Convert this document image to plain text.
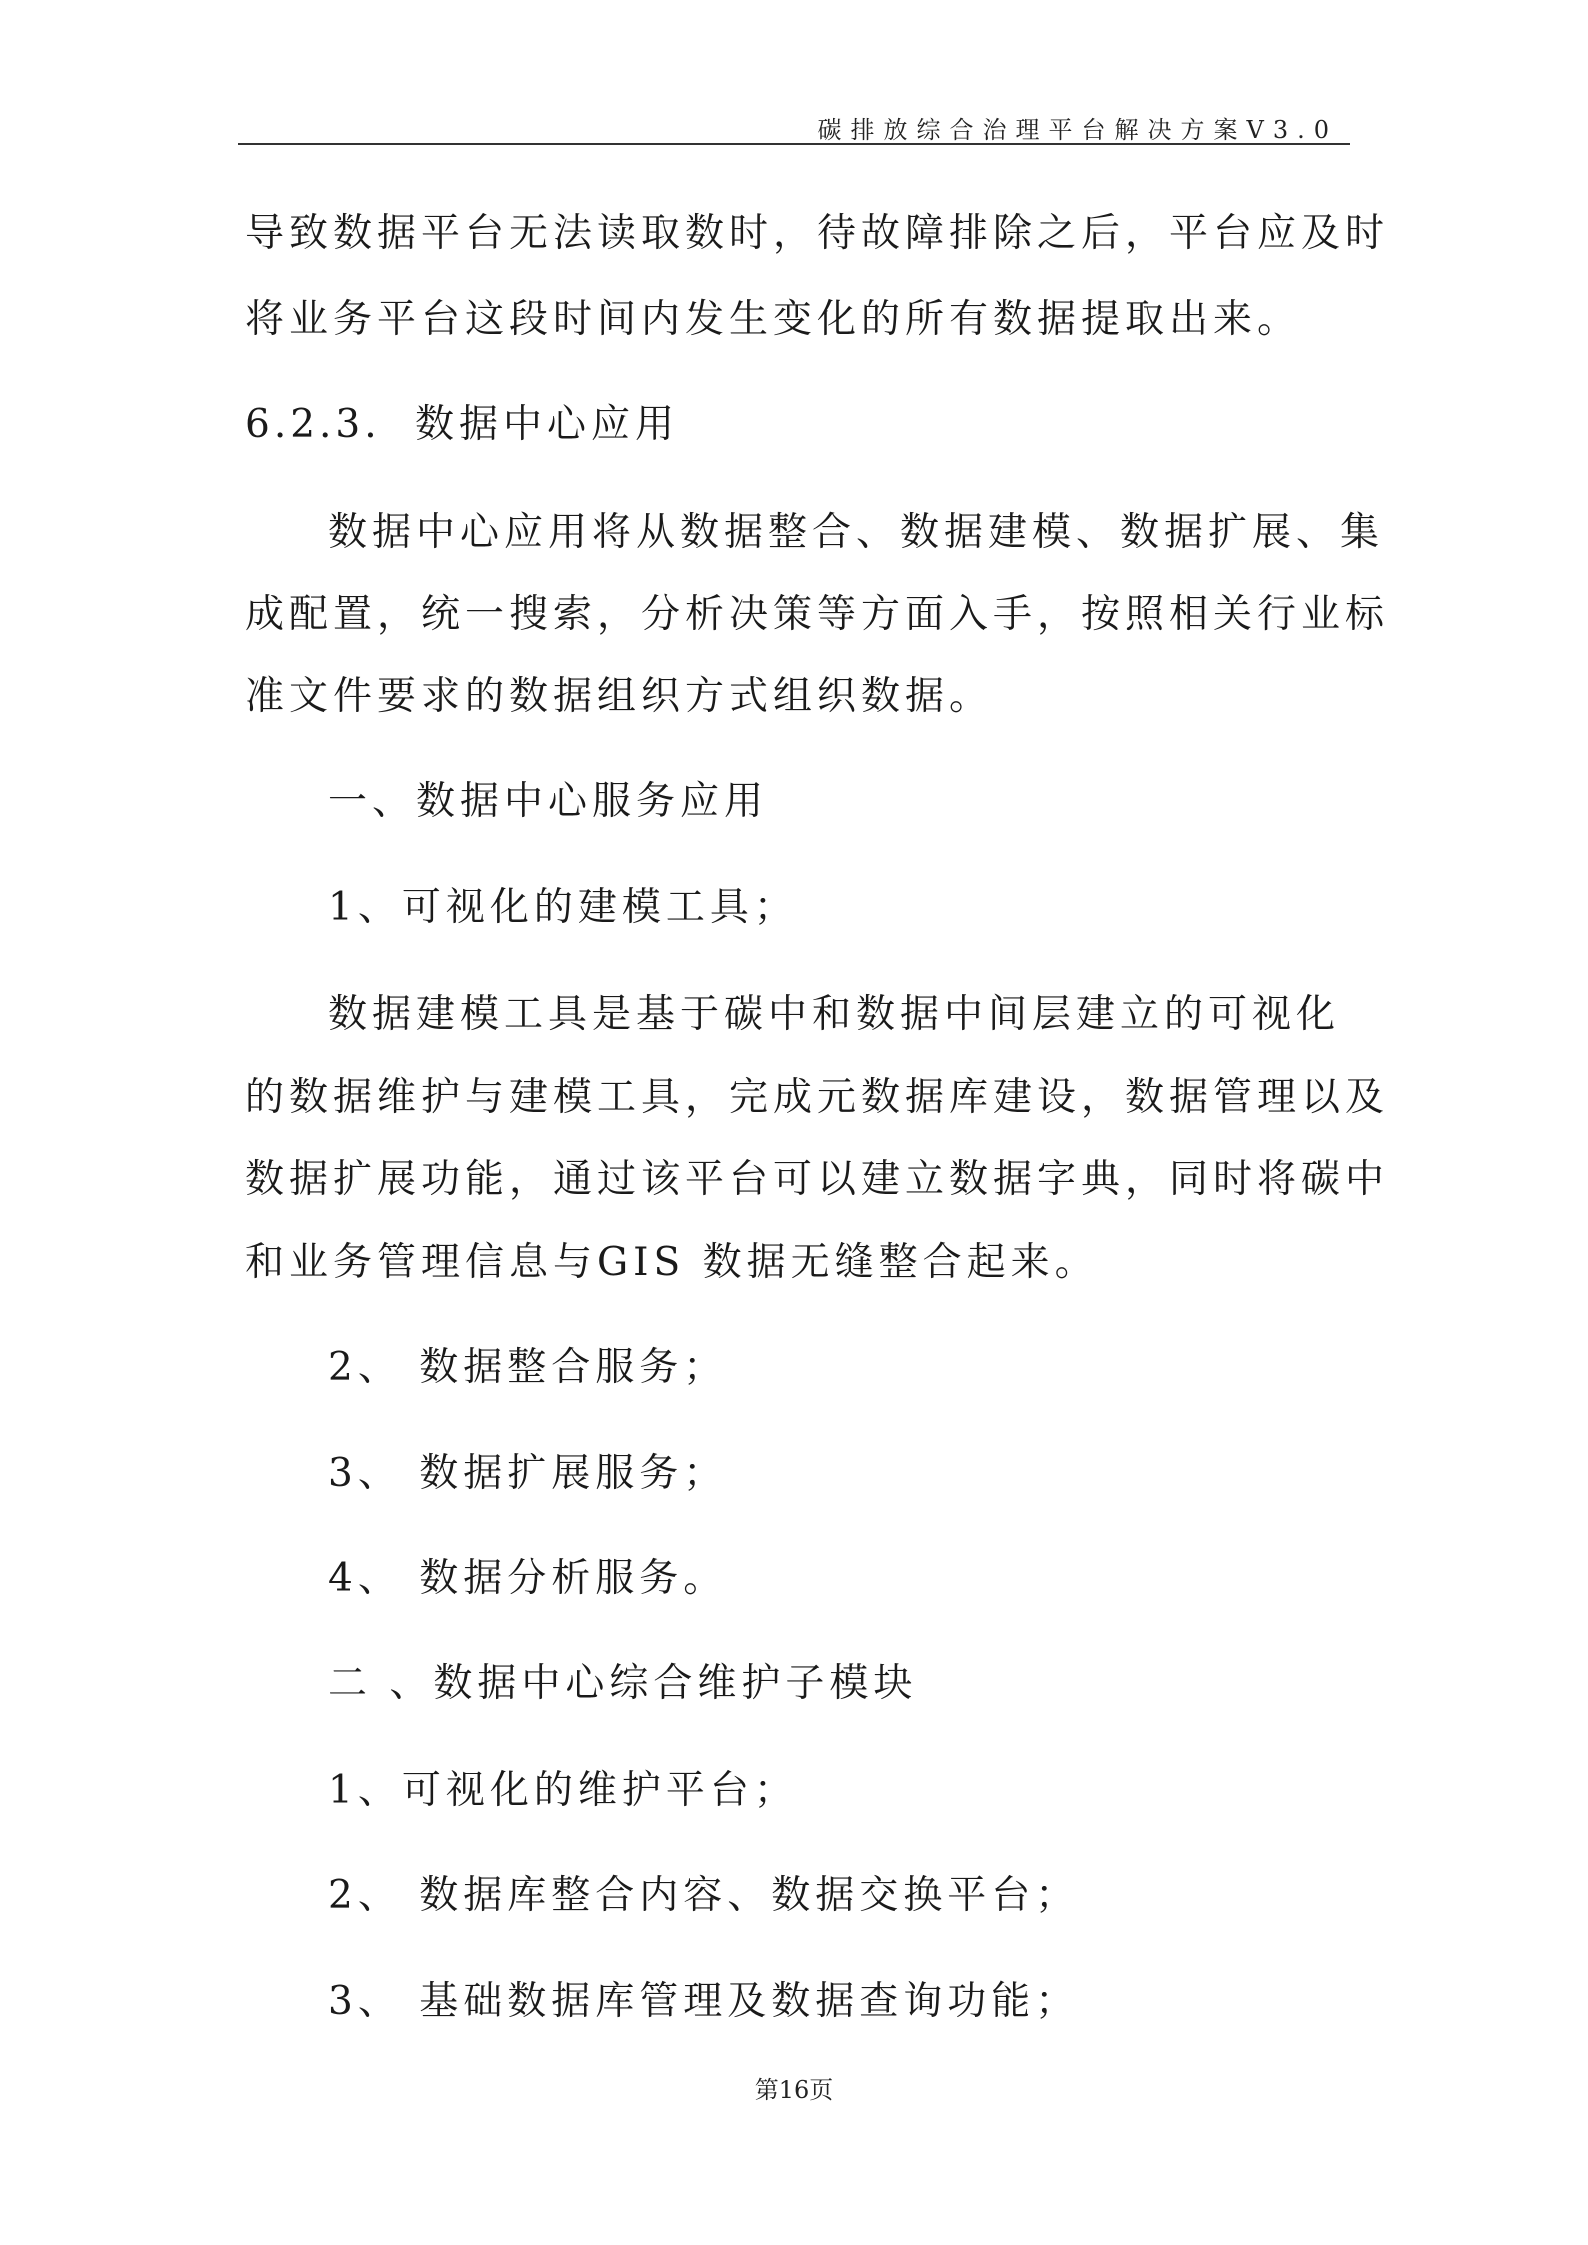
碳排放综合治理平台解决方案V3.0
导致数据平台无法读取数时，待故障排除之后，平台应及时
将业务平台这段时间内发生变化的所有数据提取出来。
6.2.3. 数据中心应用
数据中心应用将从数据整合、数据建模、数据扩展、集
成配置，统一搜索，分析决策等方面入手，按照相关行业标
准文件要求的数据组织方式组织数据。
一、数据中心服务应用
1、可视化的建模工具；
数据建模工具是基于碳中和数据中间层建立的可视化
的数据维护与建模工具，完成元数据库建设，数据管理以及
数据扩展功能，通过该平台可以建立数据字典，同时将碳中
和业务管理信息与GIS 数据无缝整合起来。
2、 数据整合服务；
3、 数据扩展服务；
4、 数据分析服务。
二 、数据中心综合维护子模块
1、可视化的维护平台；
2、 数据库整合内容、数据交换平台；
3、 基础数据库管理及数据查询功能；
第16页
